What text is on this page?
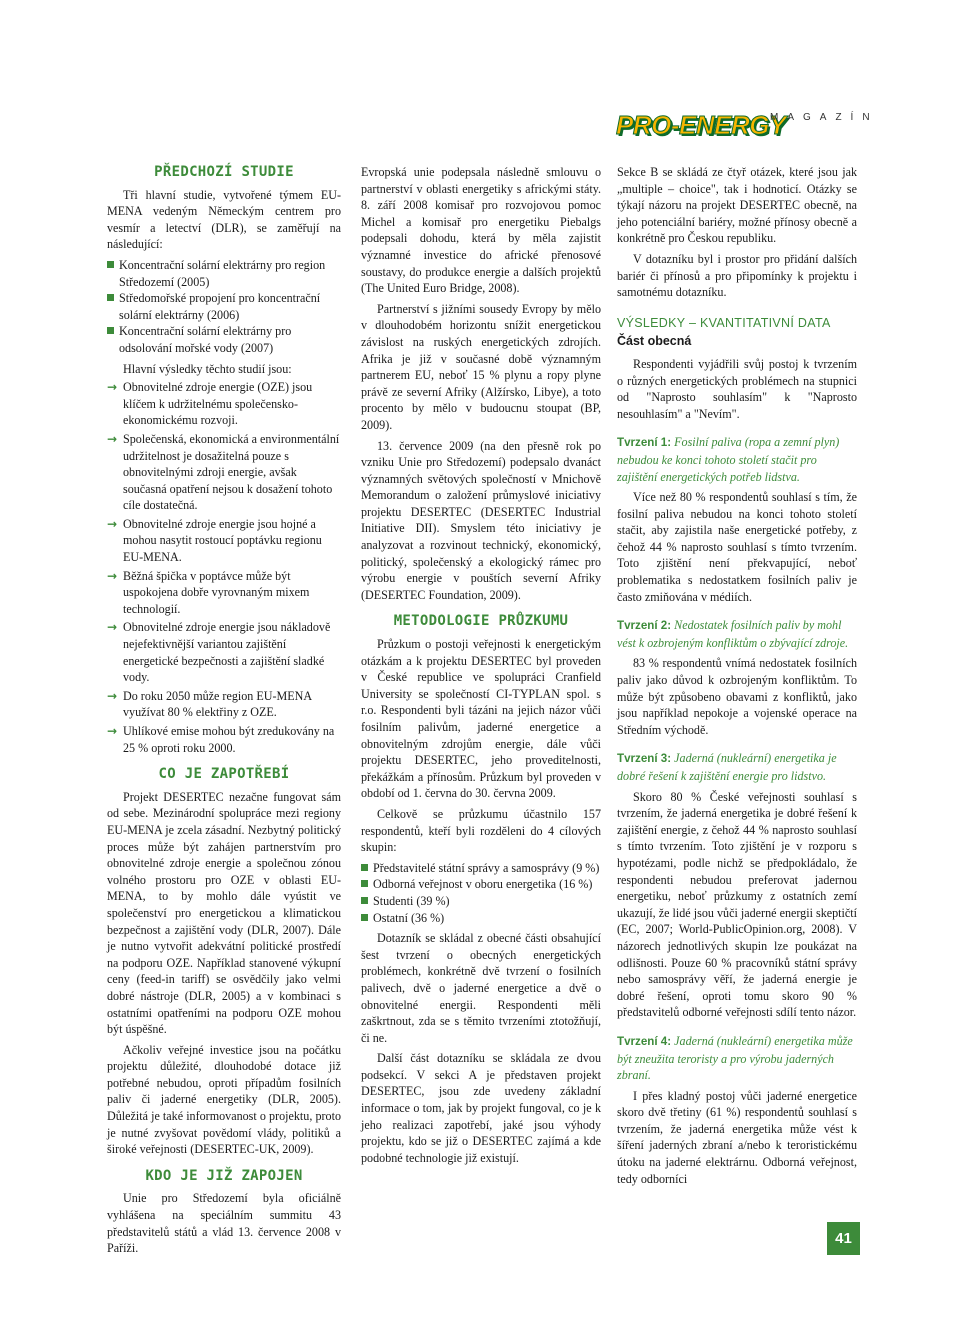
PRO-ENERGY
MAGAZÍN
PŘEDCHOZÍ STUDIE

Tři hlavní studie, vytvořené týmem EU-MENA vedeným Německým centrem pro vesmír a letectví (DLR), se zaměřují na následující:

Koncentrační solární elektrárny pro region Středozemí (2005)
Středomořské propojení pro koncentrační solární elektrárny (2006)
Koncentrační solární elektrárny pro odsolování mořské vody (2007)

Hlavní výsledky těchto studií jsou:

→ Obnovitelné zdroje energie (OZE) jsou klíčem k udržitelnému společensko-ekonomickému rozvoji.
→ Společenská, ekonomická a environmentální udržitelnost je dosažitelná pouze s obnovitelnými zdroji energie, avšak současná opatření nejsou k dosažení tohoto cíle dostatečná.
→ Obnovitelné zdroje energie jsou hojné a mohou nasytit rostoucí poptávku regionu EU-MENA.
→ Běžná špička v poptávce může být uspokojena dobře vyrovnaným mixem technologií.
→ Obnovitelné zdroje energie jsou nákladově nejefektivnější variantou zajištění energetické bezpečnosti a zajištění sladké vody.
→ Do roku 2050 může region EU-MENA využívat 80 % elektřiny z OZE.
→ Uhlíkové emise mohou být zredukovány na 25 % oproti roku 2000.
CO JE ZAPOTŘEBÍ

Projekt DESERTEC nezačne fungovat sám od sebe. Mezinárodní spolupráce mezi regiony EU-MENA je zcela zásadní. Nezbytný politický proces může být zahájen partnerstvím pro obnovitelné zdroje energie a společnou zónou volného prostoru pro OZE v oblasti EU-MENA, to by mohlo dále vyústit ve společenství pro energetickou a klimatickou bezpečnost a zajištění vody (DLR, 2007). Dále je nutno vytvořit adekvátní politické prostředí na podporu OZE. Například stanovené výkupní ceny (feed-in tariff) se osvědčily jako velmi dobré nástroje (DLR, 2005) a v kombinaci s ostatními opatřeními na podporu OZE mohou být úspěšné.

Ačkoliv veřejné investice jsou na počátku projektu důležité, dlouhodobé dotace již potřebné nebudou, oproti případům fosilních paliv či jaderné energetiky (DLR, 2005). Důležitá je také informovanost o projektu, proto je nutné zvyšovat povědomí vlády, politiků a široké veřejnosti (DESERTEC-UK, 2009).

KDO JE JIŽ ZAPOJEN

Unie pro Středozemí byla oficiálně vyhlášena na speciálním summitu 43 představitelů států a vlád 13. července 2008 v Paříži.

Evropská unie podepsala následně smlouvu o partnerství v oblasti energetiky s africkými státy. 8. září 2008 komisař pro rozvojovou pomoc Michel a komisař pro energetiku Piebalgs podepsali dohodu, která by měla zajistit významné investice do africké přenosové soustavy, do produkce energie a dalších projektů (The United Euro Bridge, 2008).

Partnerství s jižními sousedy Evropy by mělo v dlouhodobém horizontu snížit energetickou závislost na ruských energetických zdrojích. Afrika je již v současné době významným partnerem EU, neboť 15 % plynu a ropy plyne právě ze severní Afriky (Alžírsko, Libye), a toto procento by mělo v budoucnu stoupat (BP, 2009).

13. července 2009 (na den přesně rok po vzniku Unie pro Středozemí) podepsalo dvanáct významných světových společností v Mnichově Memorandum o založení průmyslové iniciativy projektu DESERTEC (DESERTEC Industrial Initiative DII). Smyslem této iniciativy je analyzovat a rozvinout technický, ekonomický, politický, společenský a ekologický rámec pro výrobu energie v pouštích severní Afriky (DESERTEC Foundation, 2009).

METODOLOGIE PRŮZKUMU

Průzkum o postoji veřejnosti k energetickým otázkám a k projektu DESERTEC byl proveden v České republice ve spolupráci Cranfield University se společností CI-TYPLAN spol. s r.o. Respondenti byli tázáni na jejich názor vůči fosilním palivům, jaderné energetice a obnovitelným zdrojům energie, dále vůči projektu DESERTEC, jeho proveditelnosti, překážkám a přínosům. Průzkum byl proveden v období od 1. června do 30. června 2009.

Celkově se průzkumu účastnilo 157 respondentů, kteří byli rozděleni do 4 cílových skupin:

Představitelé státní správy a samosprávy (9 %)
Odborná veřejnost v oboru energetika (16 %)
Studenti (39 %)
Ostatní (36 %)

Dotazník se skládal z obecné části obsahující šest tvrzení o obecných energetických problémech, konkrétně dvě tvrzení o fosilních palivech, dvě o jaderné energetice a dvě o obnovitelné energii. Respondenti měli zaškrtnout, zda se s těmito tvrzeními ztotožňují, či ne.

Další část dotazníku se skládala ze dvou podsekcí. V sekci A je představen projekt DESERTEC, jsou zde uvedeny základní informace o tom, jak by projekt fungoval, co je k jeho realizaci zapotřebí, jaké jsou výhody projektu, kdo se již o DESERTEC zajímá a kde podobné technologie již existují.

Sekce B se skládá ze čtyř otázek, které jsou jak „multiple – choice", tak i hodnoticí. Otázky se týkají názoru na projekt DESERTEC obecně, na jeho potenciální bariéry, možné přínosy obecně a konkrétně pro Českou republiku.

V dotazníku byl i prostor pro přidání dalších bariér či přínosů a pro připomínky k projektu i samotnému dotazníku.

VÝSLEDKY – KVANTITATIVNÍ DATA
Část obecná

Respondenti vyjádřili svůj postoj k tvrzením o různých energetických problémech na stupnici od "Naprosto souhlasím" k "Naprosto nesouhlasím" a "Nevím".

Tvrzení 1: Fosilní paliva (ropa a zemní plyn) nebudou ke konci tohoto století stačit pro zajištění energetických potřeb lidstva.

Více než 80 % respondentů souhlasí s tím, že fosilní paliva nebudou na konci tohoto století stačit, aby zajistila naše energetické potřeby, z čehož 44 % naprosto souhlasí s tímto tvrzením. Toto zjištění není překvapující, neboť problematika s nedostatkem fosilních paliv je často zmiňována v médiích.

Tvrzení 2: Nedostatek fosilních paliv by mohl vést k ozbrojeným konfliktům o zbývající zdroje.

83 % respondentů vnímá nedostatek fosilních paliv jako důvod k ozbrojeným konfliktům. To může být způsobeno obavami z konfliktů, jako jsou například nepokoje a vojenské operace na Středním východě.

Tvrzení 3: Jaderná (nukleární) energetika je dobré řešení k zajištění energie pro lidstvo.

Skoro 80 % České veřejnosti souhlasí s tvrzením, že jaderná energetika je dobré řešení k zajištění energie, z čehož 44 % naprosto souhlasí s tímto tvrzením. Toto zjištění je v rozporu s hypotézami, podle nichž se předpokládalo, že respondenti nebudou preferovat jadernou energetiku, neboť průzkumy z ostatních zemí ukazují, že lidé jsou vůči jaderné energii skeptičtí (EC, 2007; World-PublicOpinion.org, 2008). V názorech jednotlivých skupin lze poukázat na odlišnosti. Pouze 60 % pracovníků státní správy nebo samosprávy věří, že jaderná energie je dobré řešení, oproti tomu skoro 90 % představitelů odborné veřejnosti sdílí tento názor.

Tvrzení 4: Jaderná (nukleární) energetika může být zneužita teroristy a pro výrobu jaderných zbraní.

I přes kladný postoj vůči jaderné energetice skoro dvě třetiny (61 %) respondentů souhlasí s tvrzením, že jaderná energetika může vést k šíření jaderných zbraní a/nebo k teroristickému útoku na jaderné elektrárnu. Odborná veřejnost, tedy odborníci

41
